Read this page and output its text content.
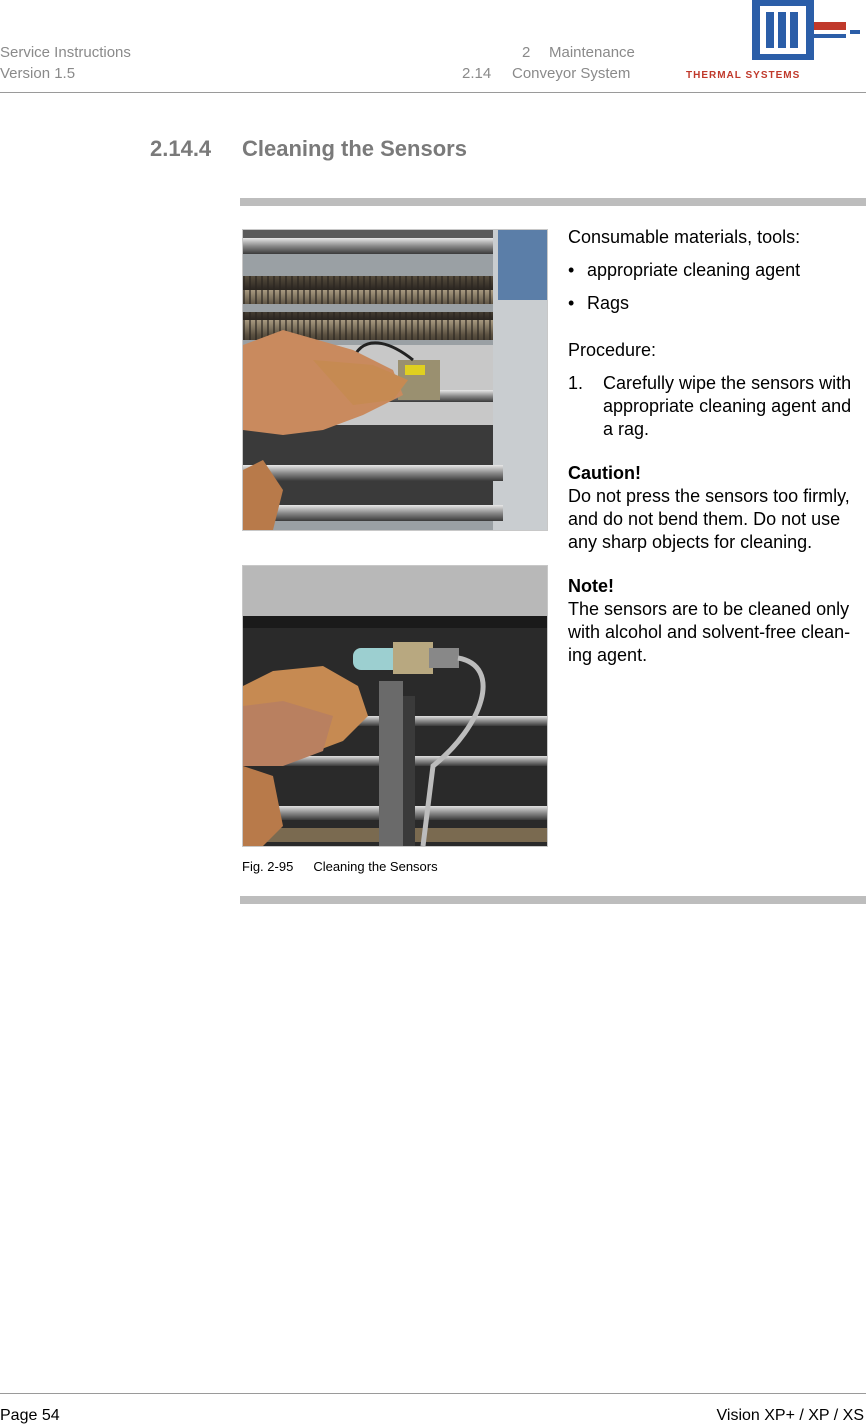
Service Instructions
Version 1.5
2 Maintenance
2.14 Conveyor System	THERMAL SYSTEMS
2.14.4 Cleaning the Sensors
Fig. 2-95 Cleaning the Sensors
Consumable materials, tools:
• appropriate cleaning agent
• Rags
Procedure:
1. Carefully wipe the sensors with appropriate cleaning agent and a rag.

Caution!

Do not press the sensors too firmly, and do not bend them. Do not use any sharp objects for cleaning.

Note!

The sensors are to be cleaned only with alcohol and solvent-free clean-ing agent.

Page 54	Vision XP+ / XP / XS
